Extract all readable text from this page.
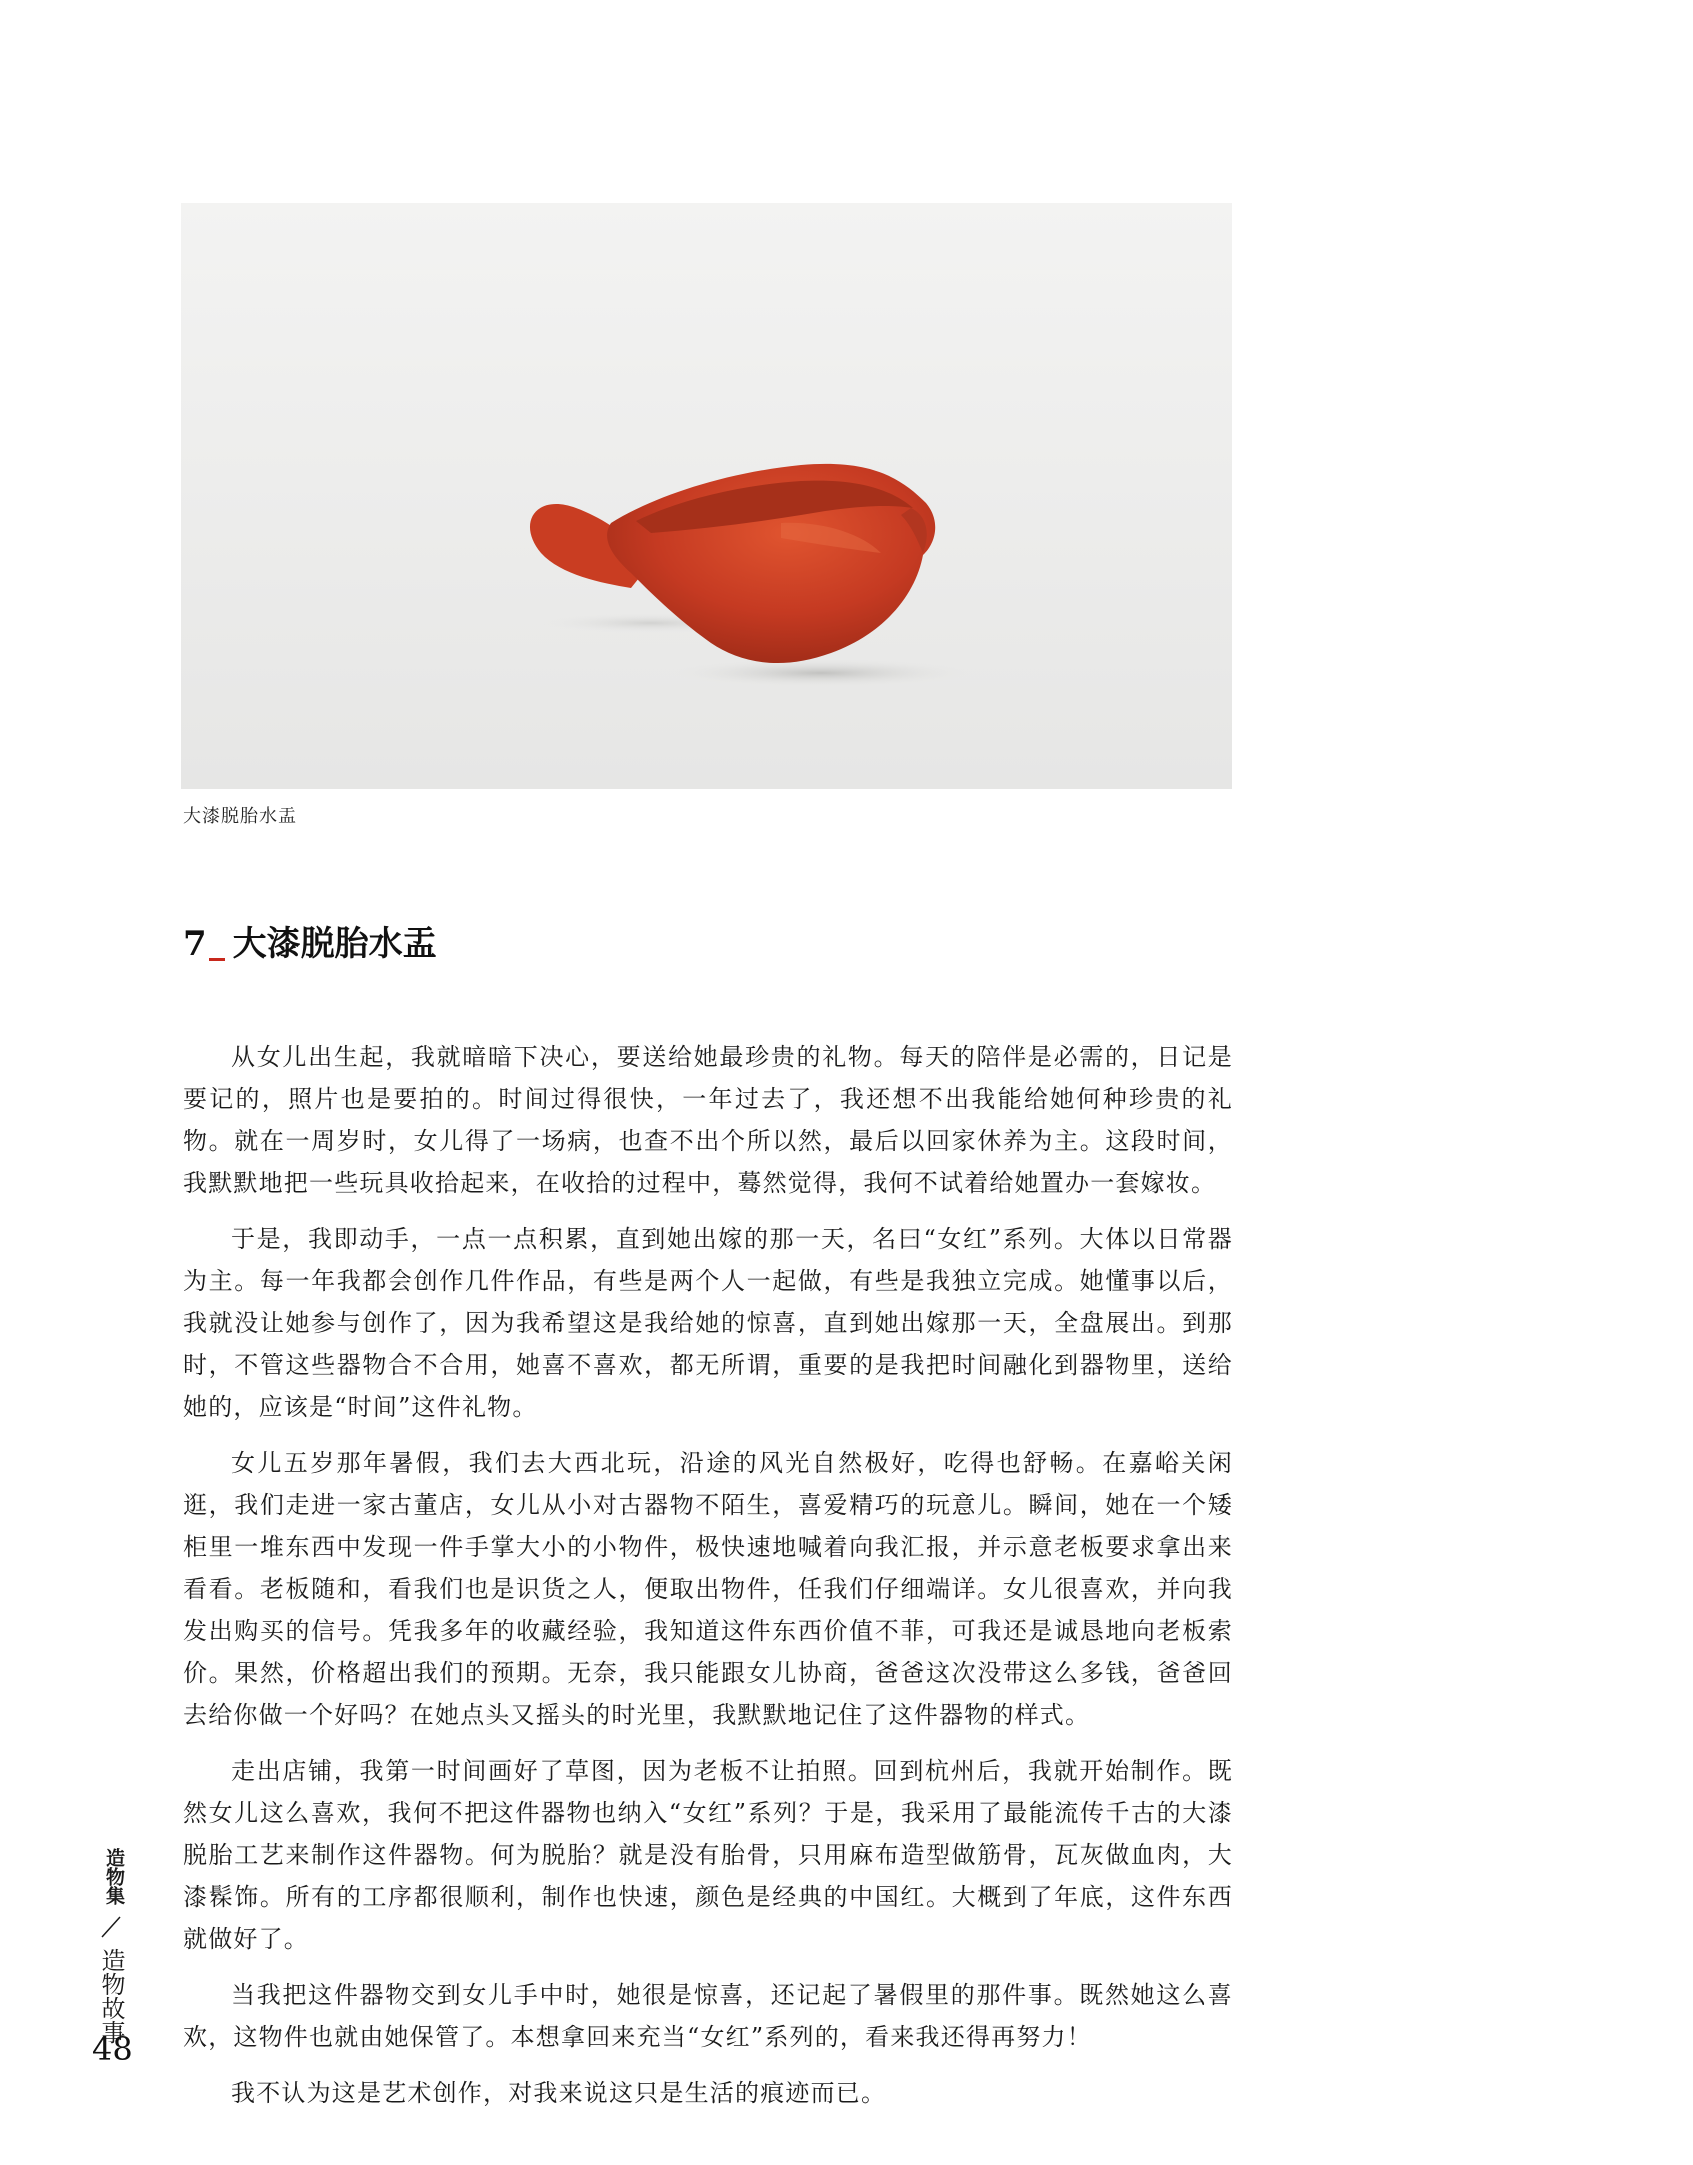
大漆脱胎水盂
7 大漆脱胎水盂

从女儿出生起，我就暗暗下决心，要送给她最珍贵的礼物。每天的陪伴是必需的，日记是要记的，照片也是要拍的。时间过得很快，一年过去了，我还想不出我能给她何种珍贵的礼物。就在一周岁时，女儿得了一场病，也查不出个所以然，最后以回家休养为主。这段时间，我默默地把一些玩具收拾起来，在收拾的过程中，蓦然觉得，我何不试着给她置办一套嫁妆。

于是，我即动手，一点一点积累，直到她出嫁的那一天，名曰“女红”系列。大体以日常器为主。每一年我都会创作几件作品，有些是两个人一起做，有些是我独立完成。她懂事以后，我就没让她参与创作了，因为我希望这是我给她的惊喜，直到她出嫁那一天，全盘展出。到那时，不管这些器物合不合用，她喜不喜欢，都无所谓，重要的是我把时间融化到器物里，送给她的，应该是“时间”这件礼物。

女儿五岁那年暑假，我们去大西北玩，沿途的风光自然极好，吃得也舒畅。在嘉峪关闲逛，我们走进一家古董店，女儿从小对古器物不陌生，喜爱精巧的玩意儿。瞬间，她在一个矮柜里一堆东西中发现一件手掌大小的小物件，极快速地喊着向我汇报，并示意老板要求拿出来看看。老板随和，看我们也是识货之人，便取出物件，任我们仔细端详。女儿很喜欢，并向我发出购买的信号。凭我多年的收藏经验，我知道这件东西价值不菲，可我还是诚恳地向老板索价。果然，价格超出我们的预期。无奈，我只能跟女儿协商，爸爸这次没带这么多钱，爸爸回去给你做一个好吗？在她点头又摇头的时光里，我默默地记住了这件器物的样式。

走出店铺，我第一时间画好了草图，因为老板不让拍照。回到杭州后，我就开始制作。既然女儿这么喜欢，我何不把这件器物也纳入“女红”系列？于是，我采用了最能流传千古的大漆脱胎工艺来制作这件器物。何为脱胎？就是没有胎骨，只用麻布造型做筋骨，瓦灰做血肉，大漆髹饰。所有的工序都很顺利，制作也快速，颜色是经典的中国红。大概到了年底，这件东西就做好了。

当我把这件器物交到女儿手中时，她很是惊喜，还记起了暑假里的那件事。既然她这么喜欢，这物件也就由她保管了。本想拿回来充当“女红”系列的，看来我还得再努力！

我不认为这是艺术创作，对我来说这只是生活的痕迹而已。

造物集
造物故事
48
